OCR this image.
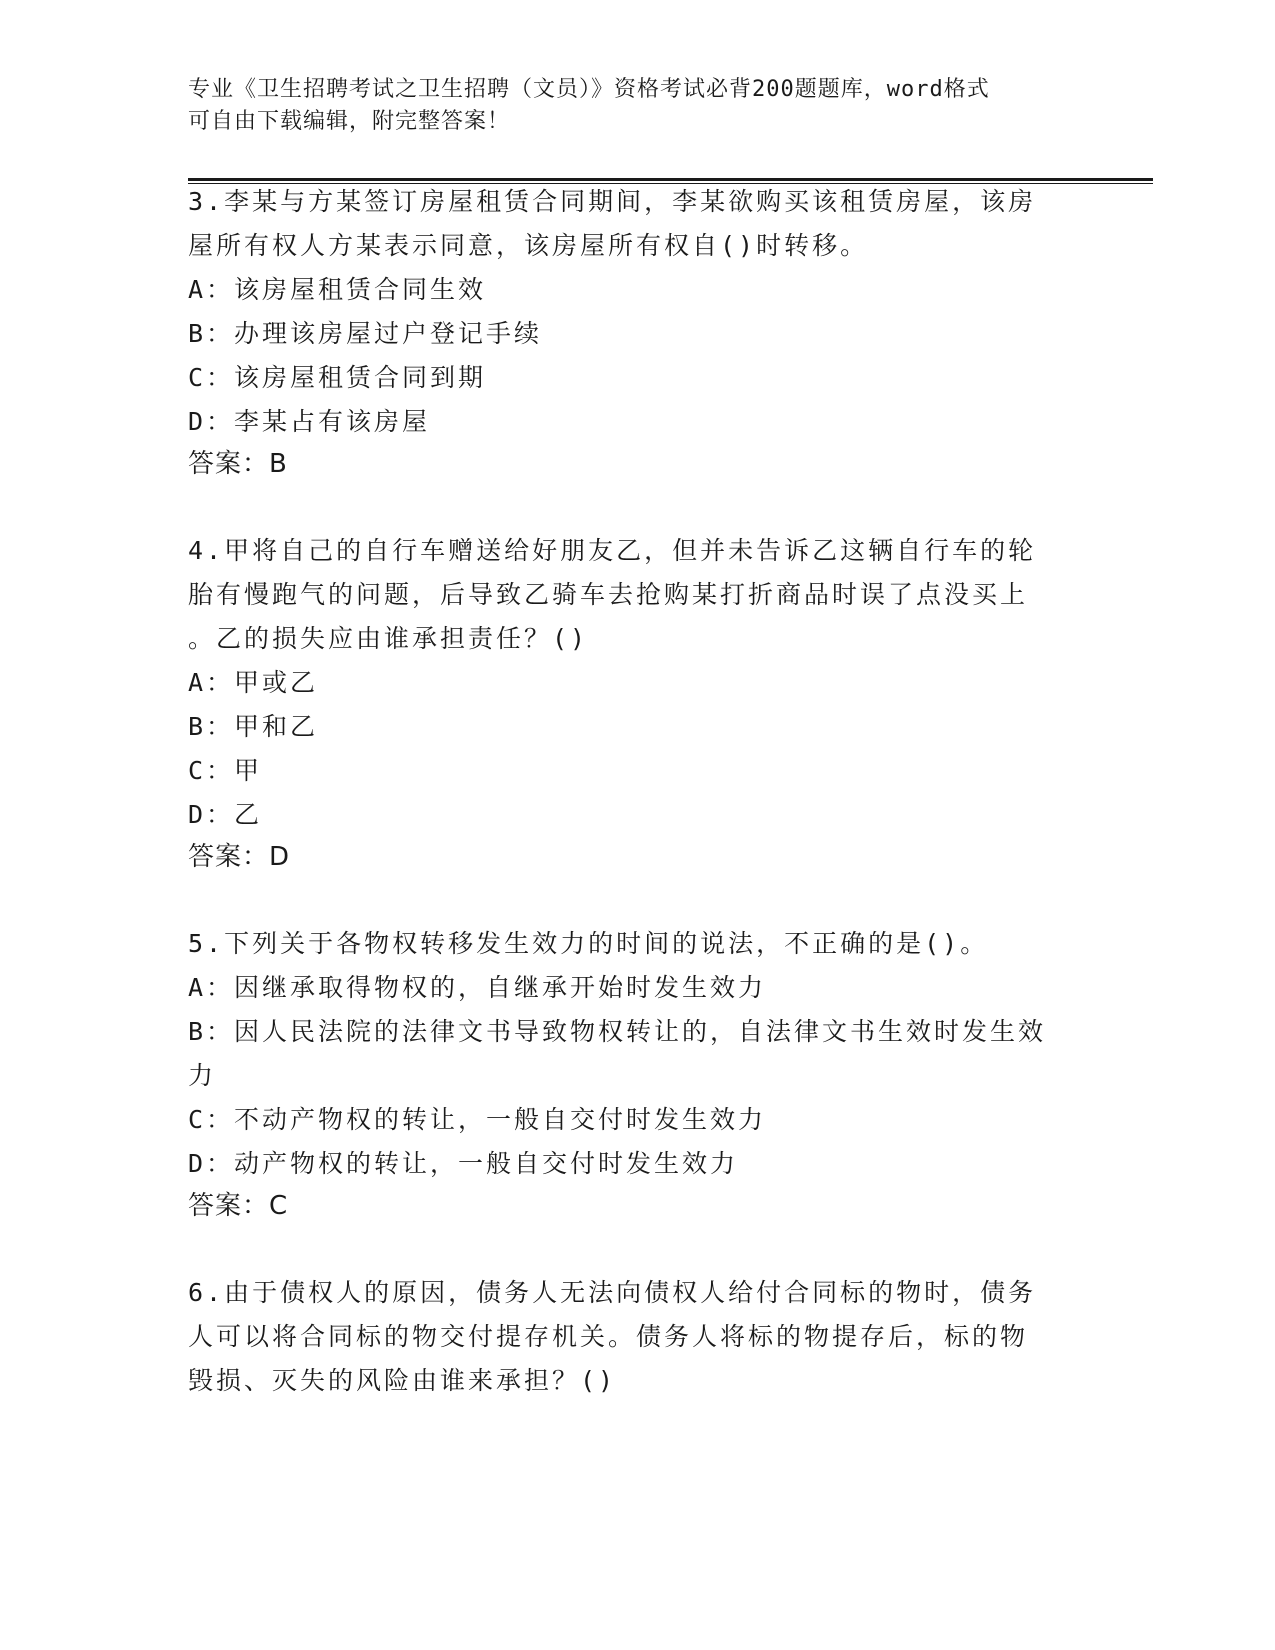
专业《卫生招聘考试之卫生招聘（文员）》资格考试必背200题题库，word格式
可自由下载编辑，附完整答案！
3.李某与方某签订房屋租赁合同期间，李某欲购买该租赁房屋，该房
屋所有权人方某表示同意，该房屋所有权自()时转移。
A：该房屋租赁合同生效
B：办理该房屋过户登记手续
C：该房屋租赁合同到期
D：李某占有该房屋
答案：B
4.甲将自己的自行车赠送给好朋友乙，但并未告诉乙这辆自行车的轮
胎有慢跑气的问题，后导致乙骑车去抢购某打折商品时误了点没买上
。乙的损失应由谁承担责任？()
A：甲或乙
B：甲和乙
C：甲
D：乙
答案：D
5.下列关于各物权转移发生效力的时间的说法，不正确的是()。
A：因继承取得物权的，自继承开始时发生效力
B：因人民法院的法律文书导致物权转让的，自法律文书生效时发生效
力
C：不动产物权的转让，一般自交付时发生效力
D：动产物权的转让，一般自交付时发生效力
答案：C
6.由于债权人的原因，债务人无法向债权人给付合同标的物时，债务
人可以将合同标的物交付提存机关。债务人将标的物提存后，标的物
毁损、灭失的风险由谁来承担？()
